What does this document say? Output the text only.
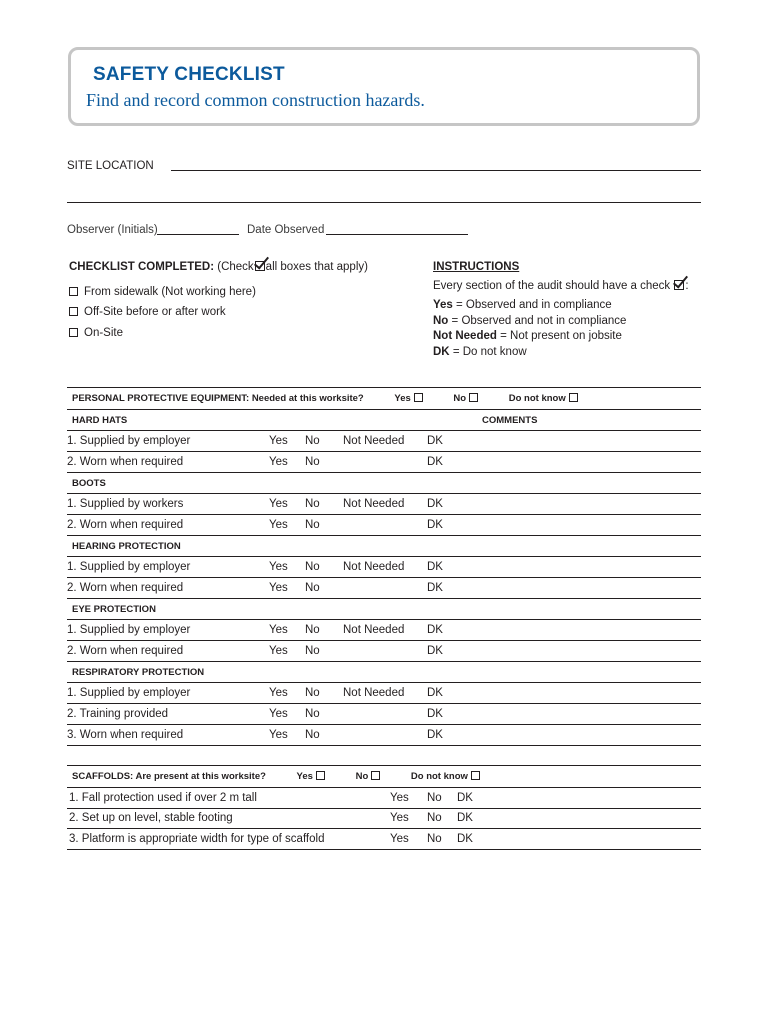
SAFETY CHECKLIST
Find and record common construction hazards.
SITE LOCATION
Observer (Initials)	Date Observed
CHECKLIST COMPLETED: (Check all boxes that apply)
From sidewalk (Not working here)
Off-Site before or after work
On-Site
INSTRUCTIONS
Every section of the audit should have a check :
Yes = Observed and in compliance
No = Observed and not in compliance
Not Needed = Not present on jobsite
DK = Do not know
PERSONAL PROTECTIVE EQUIPMENT: Needed at this worksite? Yes No Do not know					
HARD HATS					COMMENTS
1. Supplied by employer	Yes	No	Not Needed	DK	
2. Worn when required	Yes	No		DK	
BOOTS					
1. Supplied by workers	Yes	No	Not Needed	DK	
2. Worn when required	Yes	No		DK	
HEARING PROTECTION					
1. Supplied by employer	Yes	No	Not Needed	DK	
2. Worn when required	Yes	No		DK	
EYE PROTECTION					
1. Supplied by employer	Yes	No	Not Needed	DK	
2. Worn when required	Yes	No		DK	
RESPIRATORY PROTECTION					
1. Supplied by employer	Yes	No	Not Needed	DK	
2. Training provided	Yes	No		DK	
3. Worn when required	Yes	No		DK	
SCAFFOLDS: Are present at this worksite? Yes No Do not know			
1. Fall protection used if over 2 m tall	Yes	No	DK
2. Set up on level, stable footing	Yes	No	DK
3. Platform is appropriate width for type of scaffold	Yes	No	DK
